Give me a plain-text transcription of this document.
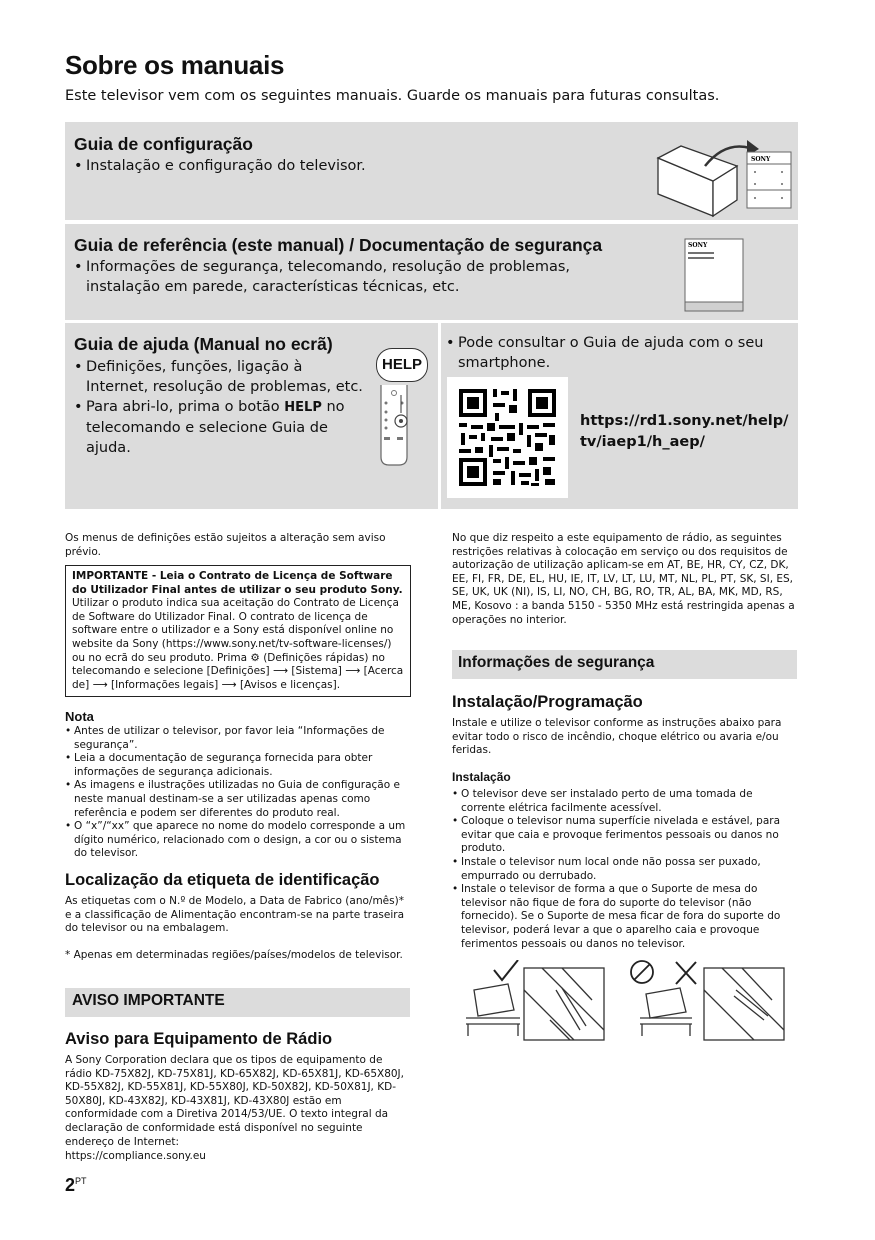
Sobre os manuais
Este televisor vem com os seguintes manuais. Guarde os manuais para futuras consultas.
Guia de configuração
• Instalação e configuração do televisor.	SONY
Guia de referência (este manual) / Documentação de segurança
• Informações de segurança, telecomando, resolução de problemas, instalação em parede, características técnicas, etc.
SONY
Guia de ajuda (Manual no ecrã)
• Definições, funções, ligação à Internet, resolução de problemas, etc.
• Para abri-lo, prima o botão HELP no telecomando e selecione Guia de ajuda.
HELP
• Pode consultar o Guia de ajuda com o seu smartphone.
https://rd1.sony.net/help/tv/iaep1/h_aep/
Os menus de definições estão sujeitos a alteração sem aviso prévio.
IMPORTANTE - Leia o Contrato de Licença de Software do Utilizador Final antes de utilizar o seu produto Sony. Utilizar o produto indica sua aceitação do Contrato de Licença de Software do Utilizador Final. O contrato de licença de software entre o utilizador e a Sony está disponível online no website da Sony (https://www.sony.net/tv-software-licenses/) ou no ecrã do seu produto. Prima ⚙ (Definições rápidas) no telecomando e selecione [Definições] ⟶ [Sistema] ⟶ [Acerca de] ⟶ [Informações legais] ⟶ [Avisos e licenças].
Nota
• Antes de utilizar o televisor, por favor leia “Informações de segurança”.
• Leia a documentação de segurança fornecida para obter informações de segurança adicionais.
• As imagens e ilustrações utilizadas no Guia de configuração e neste manual destinam-se a ser utilizadas apenas como referência e podem ser diferentes do produto real.
• O “x”/“xx” que aparece no nome do modelo corresponde a um dígito numérico, relacionado com o design, a cor ou o sistema do televisor.
Localização da etiqueta de identificação
As etiquetas com o N.º de Modelo, a Data de Fabrico (ano/mês)* e a classificação de Alimentação encontram-se na parte traseira do televisor ou na embalagem.
* Apenas em determinadas regiões/países/modelos de televisor.
AVISO IMPORTANTE
Aviso para Equipamento de Rádio
A Sony Corporation declara que os tipos de equipamento de rádio KD-75X82J, KD-75X81J, KD-65X82J, KD-65X81J, KD-65X80J, KD-55X82J, KD-55X81J, KD-55X80J, KD-50X82J, KD-50X81J, KD-50X80J, KD-43X82J, KD-43X81J, KD-43X80J estão em conformidade com a Diretiva 2014/53/UE. O texto integral da declaração de conformidade está disponível no seguinte endereço de Internet:
https://compliance.sony.eu
$2^{PT}$
No que diz respeito a este equipamento de rádio, as seguintes restrições relativas à colocação em serviço ou dos requisitos de autorização de utilização aplicam-se em AT, BE, HR, CY, CZ, DK, EE, FI, FR, DE, EL, HU, IE, IT, LV, LT, LU, MT, NL, PL, PT, SK, SI, ES, SE, UK, UK (NI), IS, LI, NO, CH, BG, RO, TR, AL, BA, MK, MD, RS, ME, Kosovo : a banda 5150 - 5350 MHz está restringida apenas a operações no interior.
Informações de segurança
Instalação/Programação
Instale e utilize o televisor conforme as instruções abaixo para evitar todo o risco de incêndio, choque elétrico ou avaria e/ou feridas.
Instalação
• O televisor deve ser instalado perto de uma tomada de corrente elétrica facilmente acessível.
• Coloque o televisor numa superfície nivelada e estável, para evitar que caia e provoque ferimentos pessoais ou danos no produto.
• Instale o televisor num local onde não possa ser puxado, empurrado ou derrubado.
• Instale o televisor de forma a que o Suporte de mesa do televisor não fique de fora do suporte do televisor (não fornecido). Se o Suporte de mesa ficar de fora do suporte do televisor, poderá levar a que o aparelho caia e provoque ferimentos pessoais ou danos no televisor.
